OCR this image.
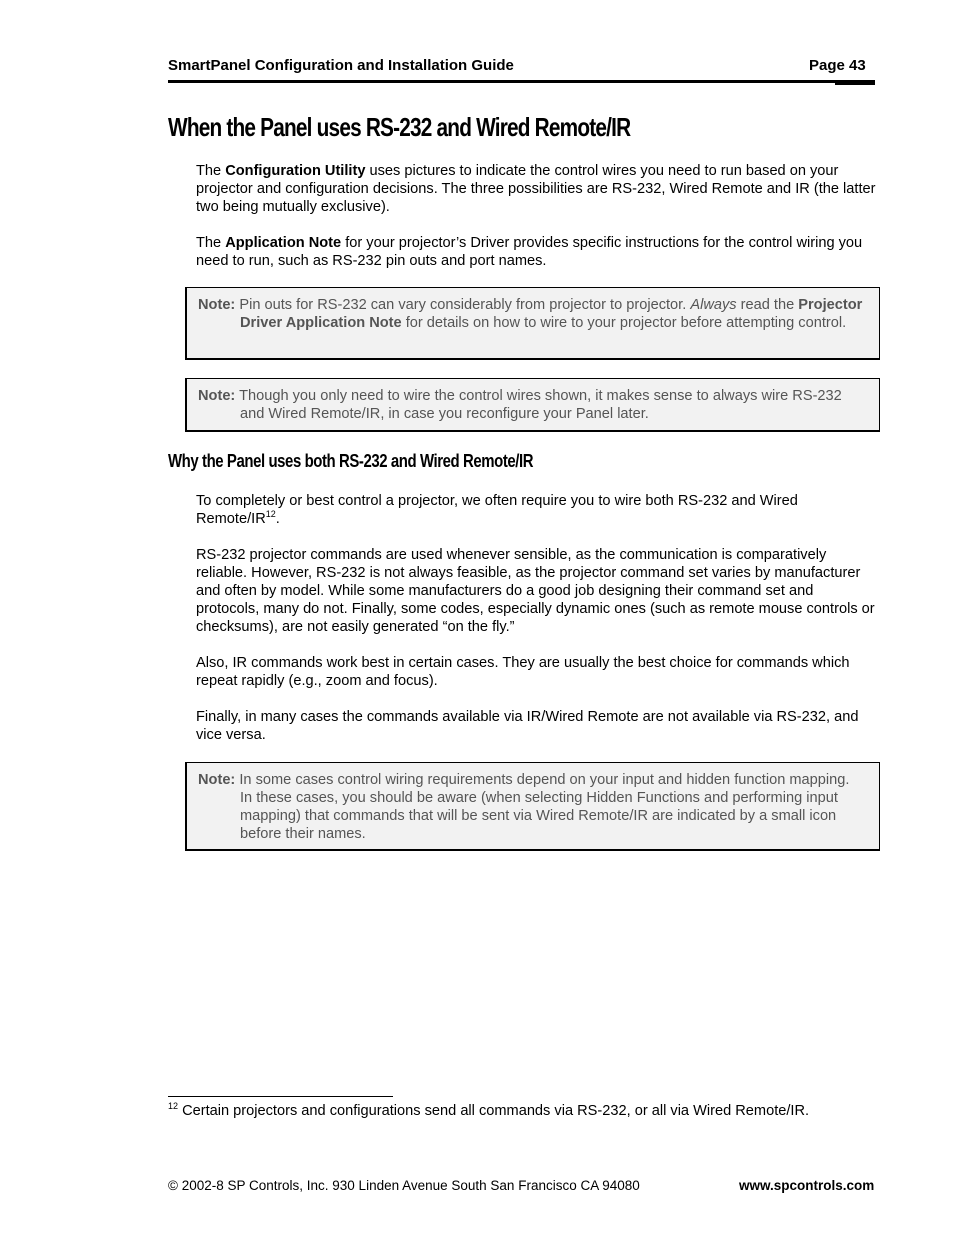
SmartPanel Configuration and Installation Guide	Page 43
When the Panel uses RS-232 and Wired Remote/IR

The Configuration Utility uses pictures to indicate the control wires you need to run based on your projector and configuration decisions. The three possibilities are RS-232, Wired Remote and IR (the latter two being mutually exclusive).

The Application Note for your projector’s Driver provides specific instructions for the control wiring you need to run, such as RS-232 pin outs and port names.

Note: Pin outs for RS-232 can vary considerably from projector to projector. Always read the Projector Driver Application Note for details on how to wire to your projector before attempting control.

Note: Though you only need to wire the control wires shown, it makes sense to always wire RS-232 and Wired Remote/IR, in case you reconfigure your Panel later.

Why the Panel uses both RS-232 and Wired Remote/IR

To completely or best control a projector, we often require you to wire both RS-232 and Wired Remote/IR$^{12}$.

RS-232 projector commands are used whenever sensible, as the communication is comparatively reliable. However, RS-232 is not always feasible, as the projector command set varies by manufacturer and often by model. While some manufacturers do a good job designing their command set and protocols, many do not. Finally, some codes, especially dynamic ones (such as remote mouse controls or checksums), are not easily generated “on the fly.”

Also, IR commands work best in certain cases. They are usually the best choice for commands which repeat rapidly (e.g., zoom and focus).

Finally, in many cases the commands available via IR/Wired Remote are not available via RS-232, and vice versa.

Note: In some cases control wiring requirements depend on your input and hidden function mapping. In these cases, you should be aware (when selecting Hidden Functions and performing input mapping) that commands that will be sent via Wired Remote/IR are indicated by a small icon before their names.

$^{12}$ Certain projectors and configurations send all commands via RS-232, or all via Wired Remote/IR.
© 2002-8 SP Controls, Inc. 930 Linden Avenue South San Francisco CA 94080	www.spcontrols.com
